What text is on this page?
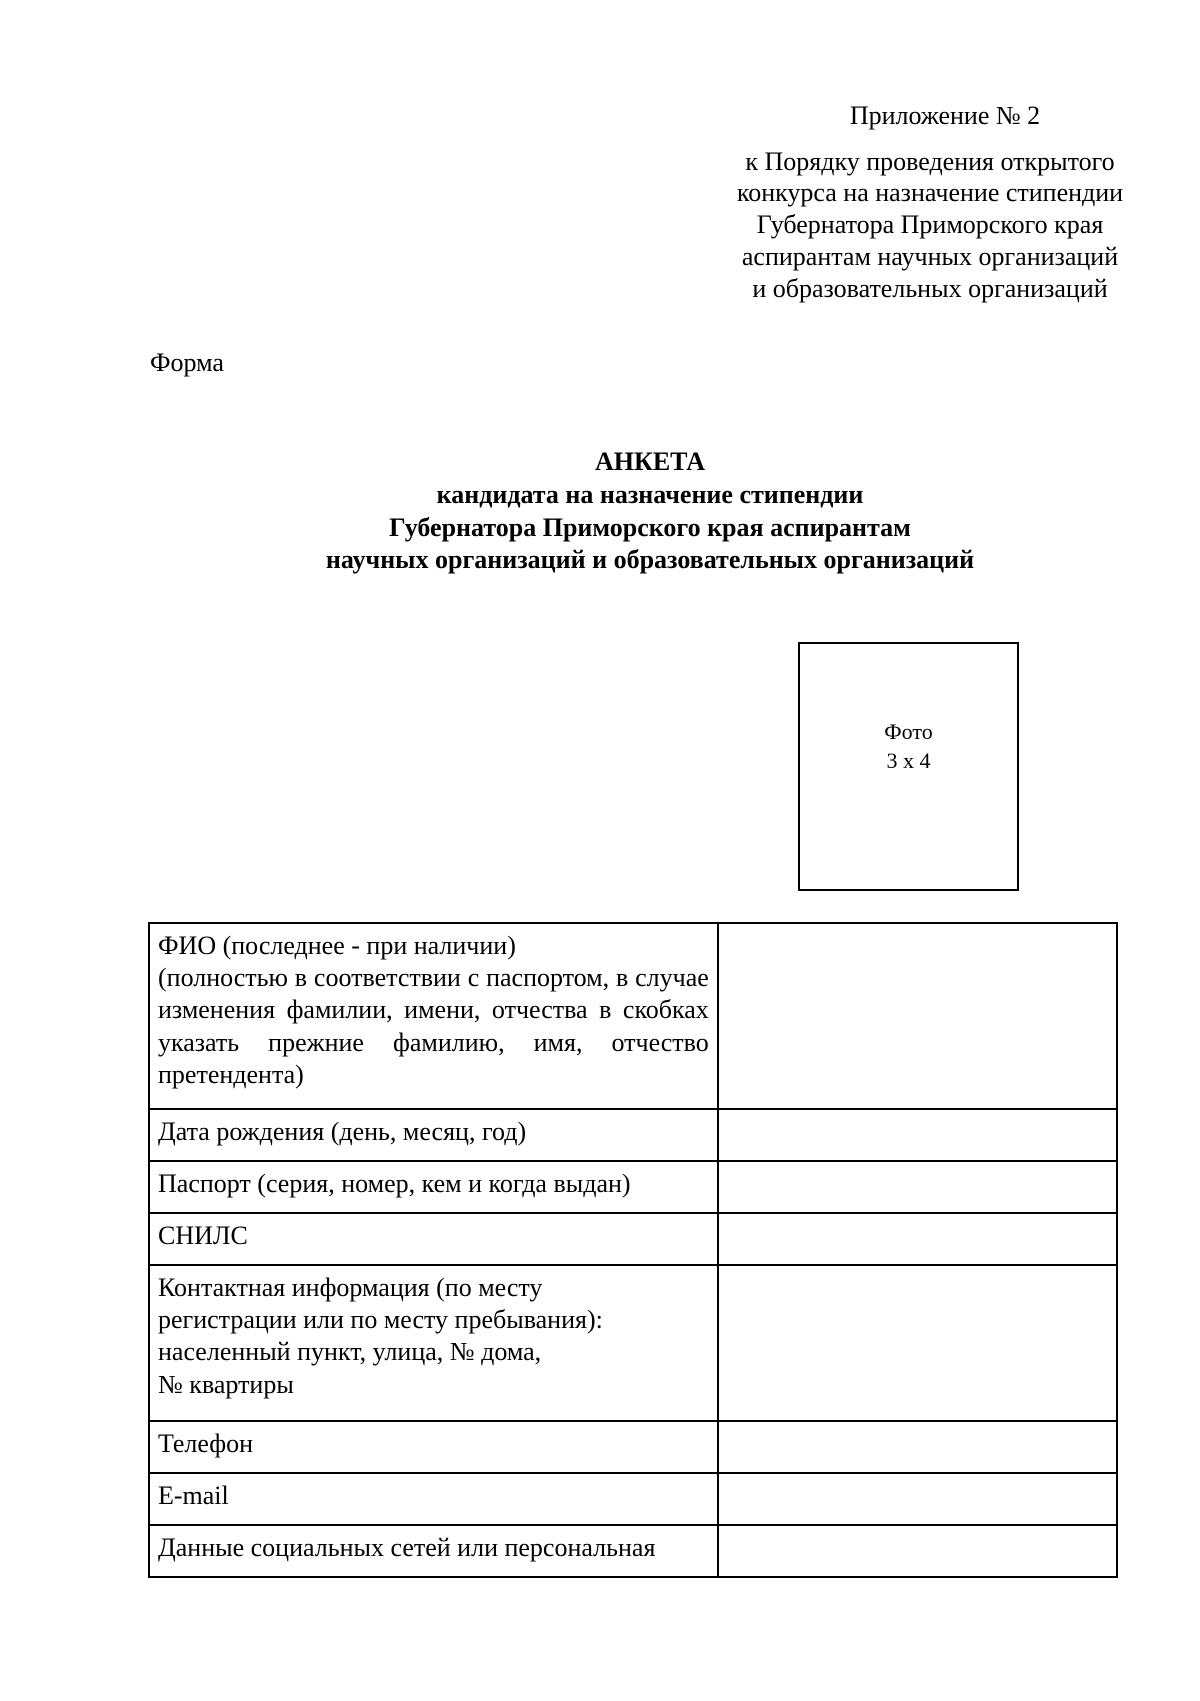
Приложение № 2

к Порядку проведения открытого

конкурса на назначение стипендии

Губернатора Приморского края

аспирантам научных организаций

и образовательных организаций

Форма

АНКЕТА

кандидата на назначение стипендии

Губернатора Приморского края аспирантам

научных организаций и образовательных организаций

Фото
3 х 4
ФИО (последнее - при наличии)
(полностью в соответствии с паспортом, в случае изменения фамилии, имени, отчества в скобках указать прежние фамилию, имя, отчество претендента)	

Дата рождения (день, месяц, год)	

Паспорт (серия, номер, кем и когда выдан)	

СНИЛС	

Контактная информация (по месту
регистрации или по месту пребывания):
населенный пункт, улица, № дома,
№ квартиры	

Телефон	

E-mail	

Данные социальных сетей или персональная	
